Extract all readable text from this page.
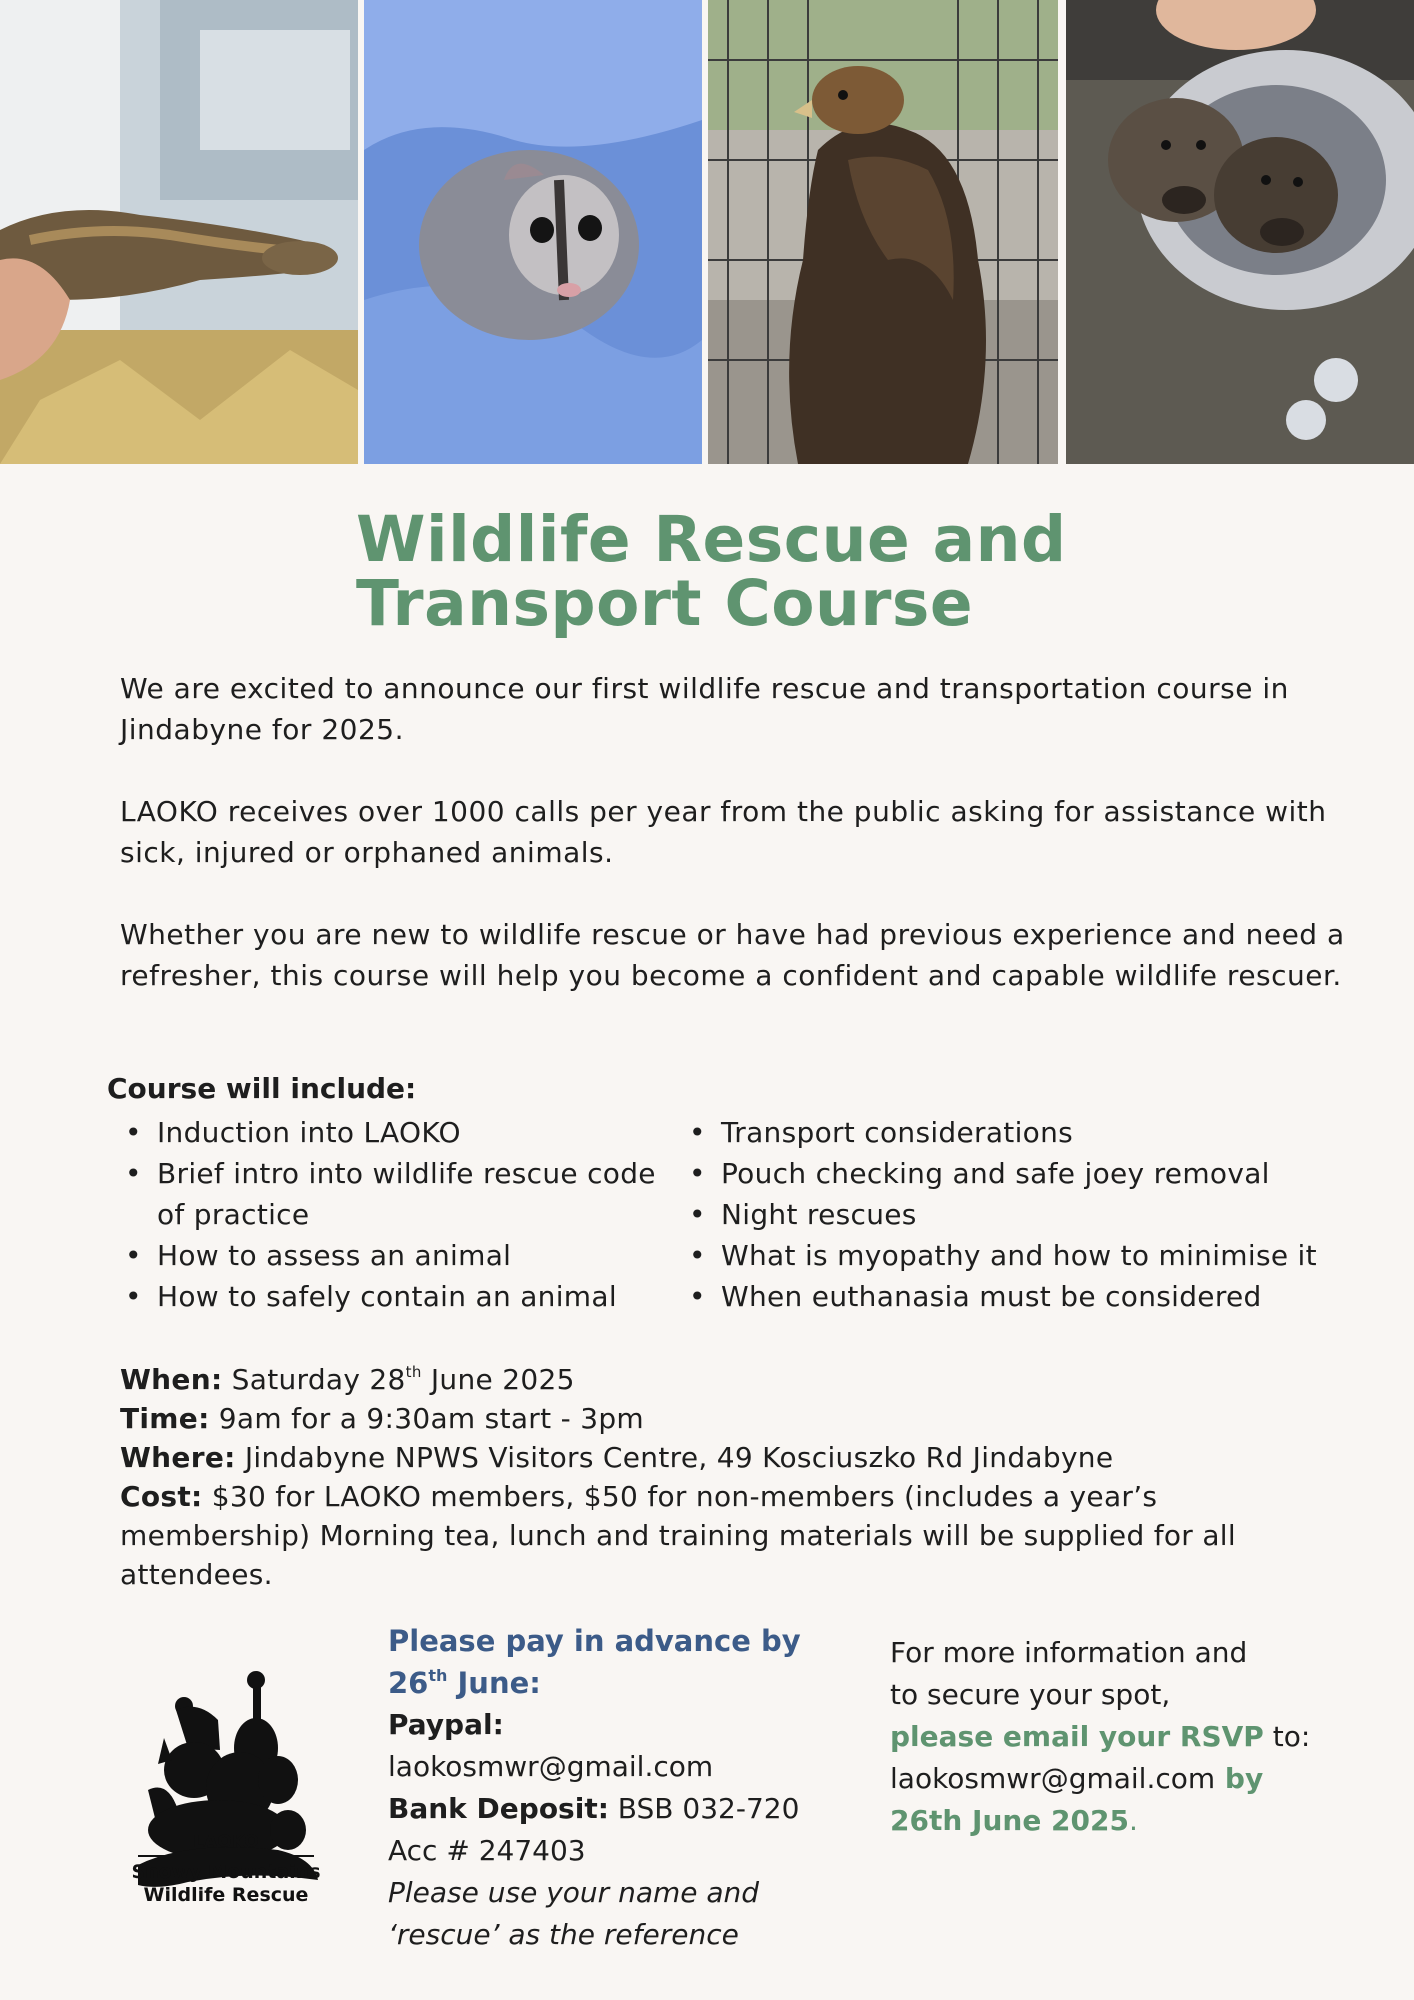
Wildlife Rescue and
Transport Course

We are excited to announce our first wildlife rescue and transportation course in Jindabyne for 2025.

LAOKO receives over 1000 calls per year from the public asking for assistance with sick, injured or orphaned animals.

Whether you are new to wildlife rescue or have had previous experience and need a refresher, this course will help you become a confident and capable wildlife rescuer.

Course will include:
• Induction into LAOKO
• Brief intro into wildlife rescue code of practice
• How to assess an animal
• How to safely contain an animal
• Transport considerations
• Pouch checking and safe joey removal
• Night rescues
• What is myopathy and how to minimise it
• When euthanasia must be considered
When: Saturday 28th June 2025
Time: 9am for a 9:30am start - 3pm
Where: Jindabyne NPWS Visitors Centre, 49 Kosciuszko Rd Jindabyne
Cost: $30 for LAOKO members, $50 for non-members (includes a year’s membership) Morning tea, lunch and training materials will be supplied for all attendees.
LAOKO
Snowy Mountains
Wildlife Rescue
Please pay in advance by
26th June:
Paypal:
laokosmwr@gmail.com
Bank Deposit: BSB 032-720
Acc # 247403
Please use your name and
‘rescue’ as the reference
For more information and
to secure your spot,
please email your RSVP to:
laokosmwr@gmail.com by
26th June 2025.
